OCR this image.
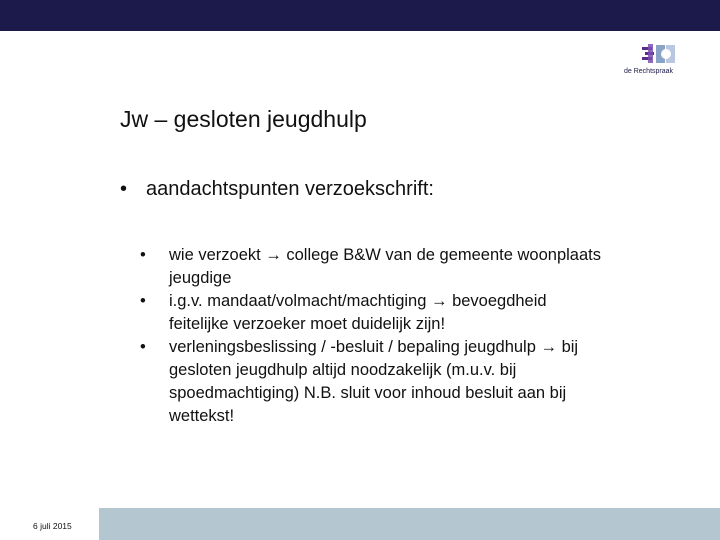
de Rechtspraak
Jw – gesloten jeugdhulp
• aandachtspunten verzoekschrift:
• wie verzoekt → college B&W van de gemeente woonplaats jeugdige
• i.g.v. mandaat/volmacht/machtiging → bevoegdheid feitelijke verzoeker moet duidelijk zijn!
• verleningsbeslissing / -besluit / bepaling jeugdhulp → bij gesloten jeugdhulp altijd noodzakelijk (m.u.v. bij spoedmachtiging) N.B. sluit voor inhoud besluit aan bij wettekst!
6 juli 2015
